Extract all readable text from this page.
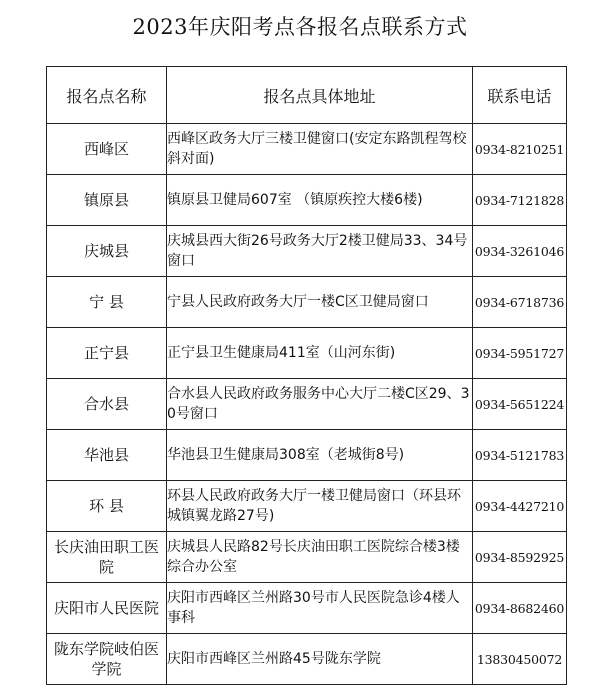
2023年庆阳考点各报名点联系方式
报名点名称	报名点具体地址	联系电话
西峰区	西峰区政务大厅三楼卫健窗口(安定东路凯程驾校斜对面)	0934-8210251
镇原县	镇原县卫健局607室 （镇原疾控大楼6楼)	0934-7121828
庆城县	庆城县西大街26号政务大厅2楼卫健局33、34号窗口	0934-3261046
宁 县	宁县人民政府政务大厅一楼C区卫健局窗口	0934-6718736
正宁县	正宁县卫生健康局411室（山河东街)	0934-5951727
合水县	合水县人民政府政务服务中心大厅二楼C区29、30号窗口	0934-5651224
华池县	华池县卫生健康局308室（老城街8号)	0934-5121783
环 县	环县人民政府政务大厅一楼卫健局窗口（环县环城镇翼龙路27号)	0934-4427210
长庆油田职工医院	庆城县人民路82号长庆油田职工医院综合楼3楼综合办公室	0934-8592925
庆阳市人民医院	庆阳市西峰区兰州路30号市人民医院急诊4楼人事科	0934-8682460
陇东学院岐伯医学院	庆阳市西峰区兰州路45号陇东学院	13830450072
